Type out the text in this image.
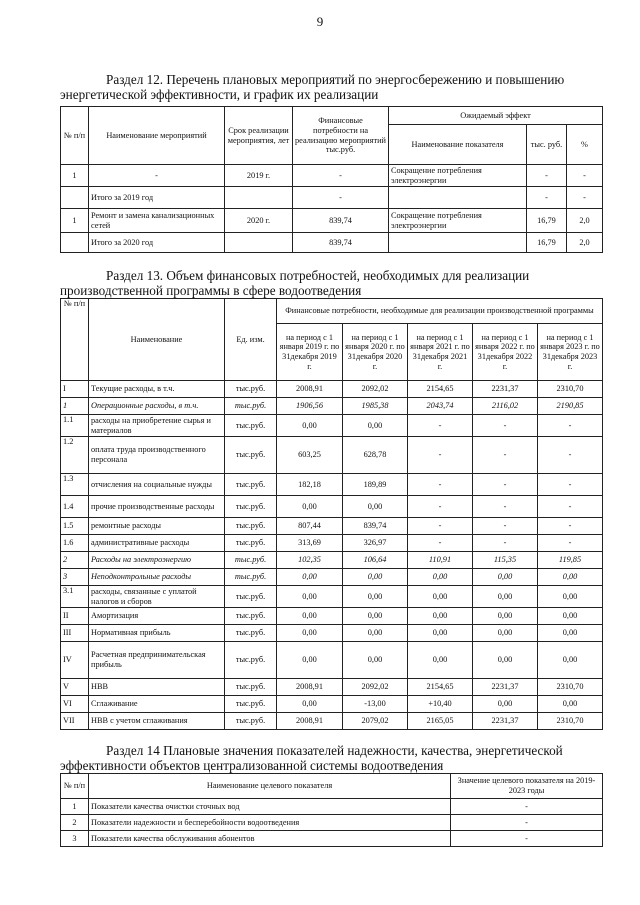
9
Раздел 12. Перечень плановых мероприятий по энергосбережению и повышению
энергетической эффективности, и график их реализации
№ п/п	Наименование мероприятий	Срок реализации мероприятия, лет	Финансовые потребности на реализацию мероприятий тыс.руб.	Ожидаемый эффект		
				Наименование показателя	тыс. руб.	%
1	-	2019 г.	-	Сокращение потребления электроэнергии	-	-
	Итого за 2019 год		-		-	-
1	Ремонт и замена канализационных сетей	2020 г.	839,74	Сокращение потребления электроэнергии	16,79	2,0
	Итого за 2020 год		839,74		16,79	2,0
Раздел 13. Объем финансовых потребностей, необходимых для реализации
производственной программы в сфере водоотведения
№ п/п	Наименование	Ед. изм.	Финансовые потребности, необходимые для реализации производственной программы				
			на период с 1 января 2019 г. по 31декабря 2019 г.	на период с 1 января 2020 г. по 31декабря 2020 г.	на период с 1 января 2021 г. по 31декабря 2021 г.	на период с 1 января 2022 г. по 31декабря 2022 г.	на период с 1 января 2023 г. по 31декабря 2023 г.
I	Текущие расходы, в т.ч.	тыс.руб.	2008,91	2092,02	2154,65	2231,37	2310,70
1	Операционные расходы, в т.ч.	тыс.руб.	1906,56	1985,38	2043,74	2116,02	2190,85
1.1	расходы на приобретение сырья и материалов	тыс.руб.	0,00	0,00	-	-	-
1.2	оплата труда производственного персонала	тыс.руб.	603,25	628,78	-	-	-
1.3	отчисления на социальные нужды	тыс.руб.	182,18	189,89	-	-	-
1.4	прочие производственные расходы	тыс.руб.	0,00	0,00	-	-	-
1.5	ремонтные расходы	тыс.руб.	807,44	839,74	-	-	-
1.6	административные расходы	тыс.руб.	313,69	326,97	-	-	-
2	Расходы на электроэнергию	тыс.руб.	102,35	106,64	110,91	115,35	119,85
3	Неподконтрольные расходы	тыс.руб.	0,00	0,00	0,00	0,00	0,00
3.1	расходы, связанные с уплатой налогов и сборов	тыс.руб.	0,00	0,00	0,00	0,00	0,00
II	Амортизация	тыс.руб.	0,00	0,00	0,00	0,00	0,00
III	Нормативная прибыль	тыс.руб.	0,00	0,00	0,00	0,00	0,00
IV	Расчетная предпринимательская прибыль	тыс.руб.	0,00	0,00	0,00	0,00	0,00
V	НВВ	тыс.руб.	2008,91	2092,02	2154,65	2231,37	2310,70
VI	Сглаживание	тыс.руб.	0,00	-13,00	+10,40	0,00	0,00
VII	НВВ с учетом сглаживания	тыс.руб.	2008,91	2079,02	2165,05	2231,37	2310,70
Раздел 14 Плановые значения показателей надежности, качества, энергетической
эффективности объектов централизованной системы водоотведения
№ п/п	Наименование целевого показателя	Значение целевого показателя на 2019-2023 годы
1	Показатели качества очистки сточных вод	-
2	Показатели надежности и бесперебойности водоотведения	-
3	Показатели качества обслуживания абонентов	-
